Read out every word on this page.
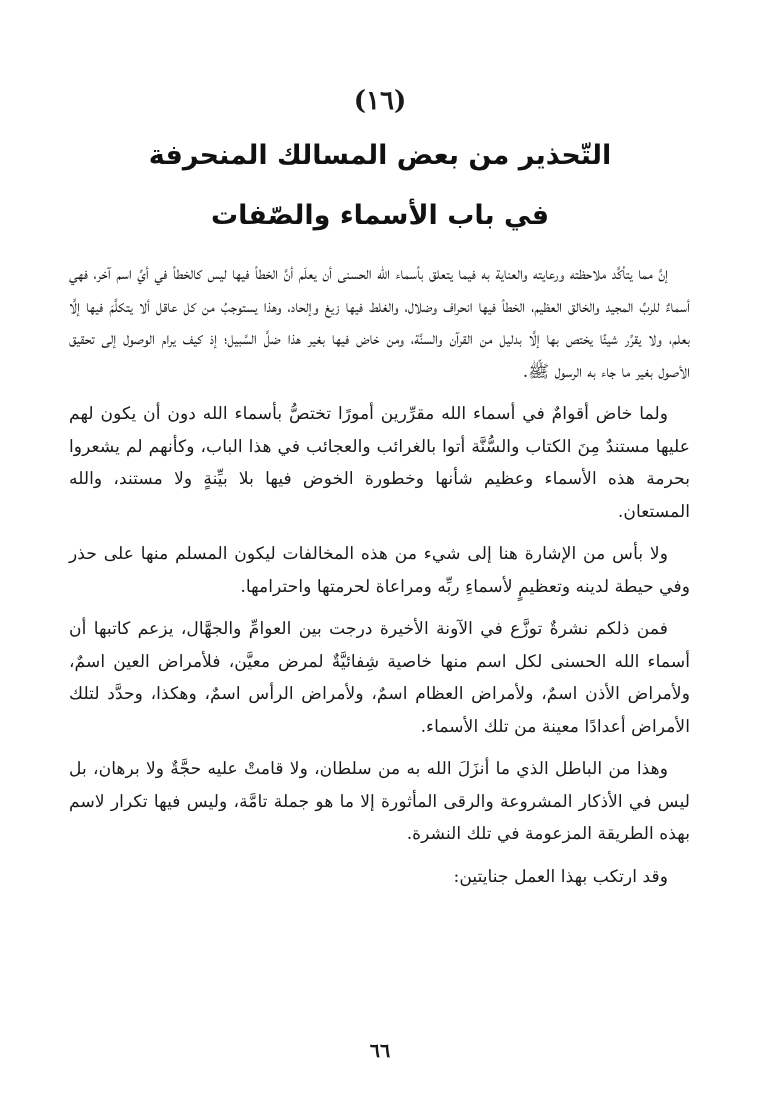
(١٦)
التّحذير من بعض المسالك المنحرفة
في باب الأسماء والصّفات

إنَّ مما يتأكَّد ملاحظته ورعايته والعناية به فيما يتعلق بأسماء الله الحسنى أن يعلَم أنَّ الخطأ فيها ليس كالخطأ في أيِّ اسم آخر، فهي أسماءٌ للربِّ المجيد والخالق العظيم، الخطأ فيها انحراف وضلال، والغلط فيها زيغ وإلحاد، وهذا يستوجبُ من كل عاقل ألا يتكلَّمَ فيها إلَّا بعلم، ولا يقرِّر شيئًا يختص بها إلَّا بدليل من القرآن والسنَّة، ومن خاض فيها بغير هذا ضلَّ السَّبيل؛ إذ كيف يرام الوصول إلى تحقيق الأصول بغير ما جاء به الرسول ﷺ.

ولما خاض أقوامٌ في أسماء الله مقرِّرين أمورًا تختصُّ بأسماء الله دون أن يكون لهم عليها مستندٌ مِنَ الكتاب والسُّنَّة أتوا بالغرائب والعجائب في هذا الباب، وكأنهم لم يشعروا بحرمة هذه الأسماء وعظيم شأنها وخطورة الخوض فيها بلا بيِّنةٍ ولا مستند، والله المستعان.

ولا بأس من الإشارة هنا إلى شيء من هذه المخالفات ليكون المسلم منها على حذر وفي حيطة لدينه وتعظيمٍ لأسماءِ ربِّه ومراعاة لحرمتها واحترامها.

فمن ذلكم نشرةٌ توزَّع في الآونة الأخيرة درجت بين العوامِّ والجهَّال، يزعم كاتبها أن أسماء الله الحسنى لكل اسم منها خاصية شِفائيَّةٌ لمرض معيَّن، فلأمراض العين اسمٌ، ولأمراض الأذن اسمٌ، ولأمراض العظام اسمٌ، ولأمراض الرأس اسمٌ، وهكذا، وحدَّد لتلك الأمراض أعدادًا معينة من تلك الأسماء.

وهذا من الباطل الذي ما أنزَلَ الله به من سلطان، ولا قامتْ عليه حجَّةٌ ولا برهان، بل ليس في الأذكار المشروعة والرقى المأثورة إلا ما هو جملة تامَّة، وليس فيها تكرار لاسم بهذه الطريقة المزعومة في تلك النشرة.

وقد ارتكب بهذا العمل جنايتين:

٦٦
